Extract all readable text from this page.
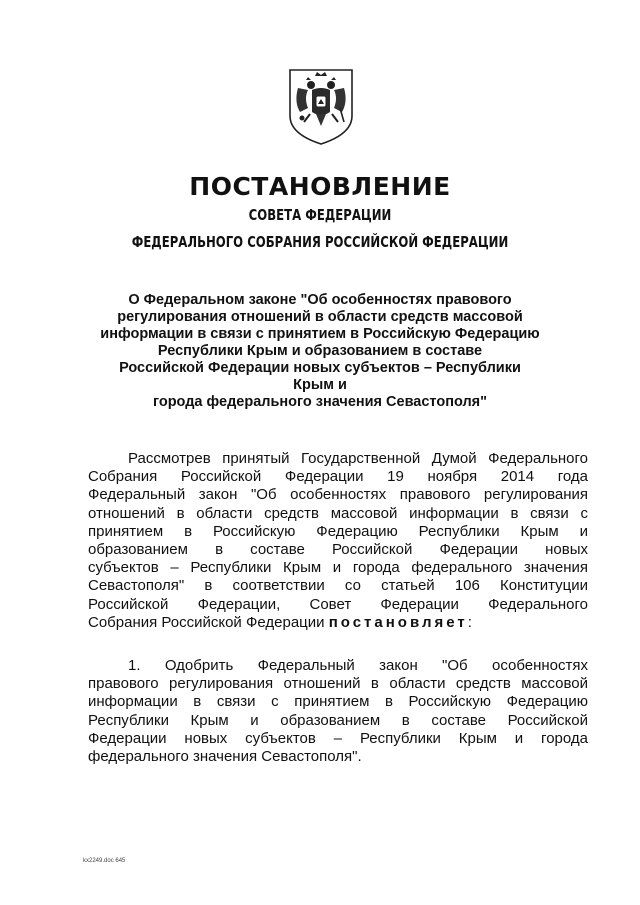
ПОСТАНОВЛЕНИЕ
СОВЕТА ФЕДЕРАЦИИ
ФЕДЕРАЛЬНОГО СОБРАНИЯ РОССИЙСКОЙ ФЕДЕРАЦИИ
О Федеральном законе "Об особенностях правового
регулирования отношений в области средств массовой
информации в связи с принятием в Российскую Федерацию
Республики Крым и образованием в составе
Российской Федерации новых субъектов – Республики Крым и
города федерального значения Севастополя"
Рассмотрев принятый Государственной Думой Федерального
Собрания Российской Федерации 19 ноября 2014 года
Федеральный закон "Об особенностях правового регулирования
отношений в области средств массовой информации в связи с
принятием в Российскую Федерацию Республики Крым и
образованием в составе Российской Федерации новых
субъектов – Республики Крым и города федерального значения
Севастополя" в соответствии со статьей 106 Конституции
Российской Федерации, Совет Федерации Федерального
Собрания Российской Федерации постановляет:
1. Одобрить Федеральный закон "Об особенностях
правового регулирования отношений в области средств массовой
информации в связи с принятием в Российскую Федерацию
Республики Крым и образованием в составе Российской
Федерации новых субъектов – Республики Крым и города
федерального значения Севастополя".
kx2249.doc 645
